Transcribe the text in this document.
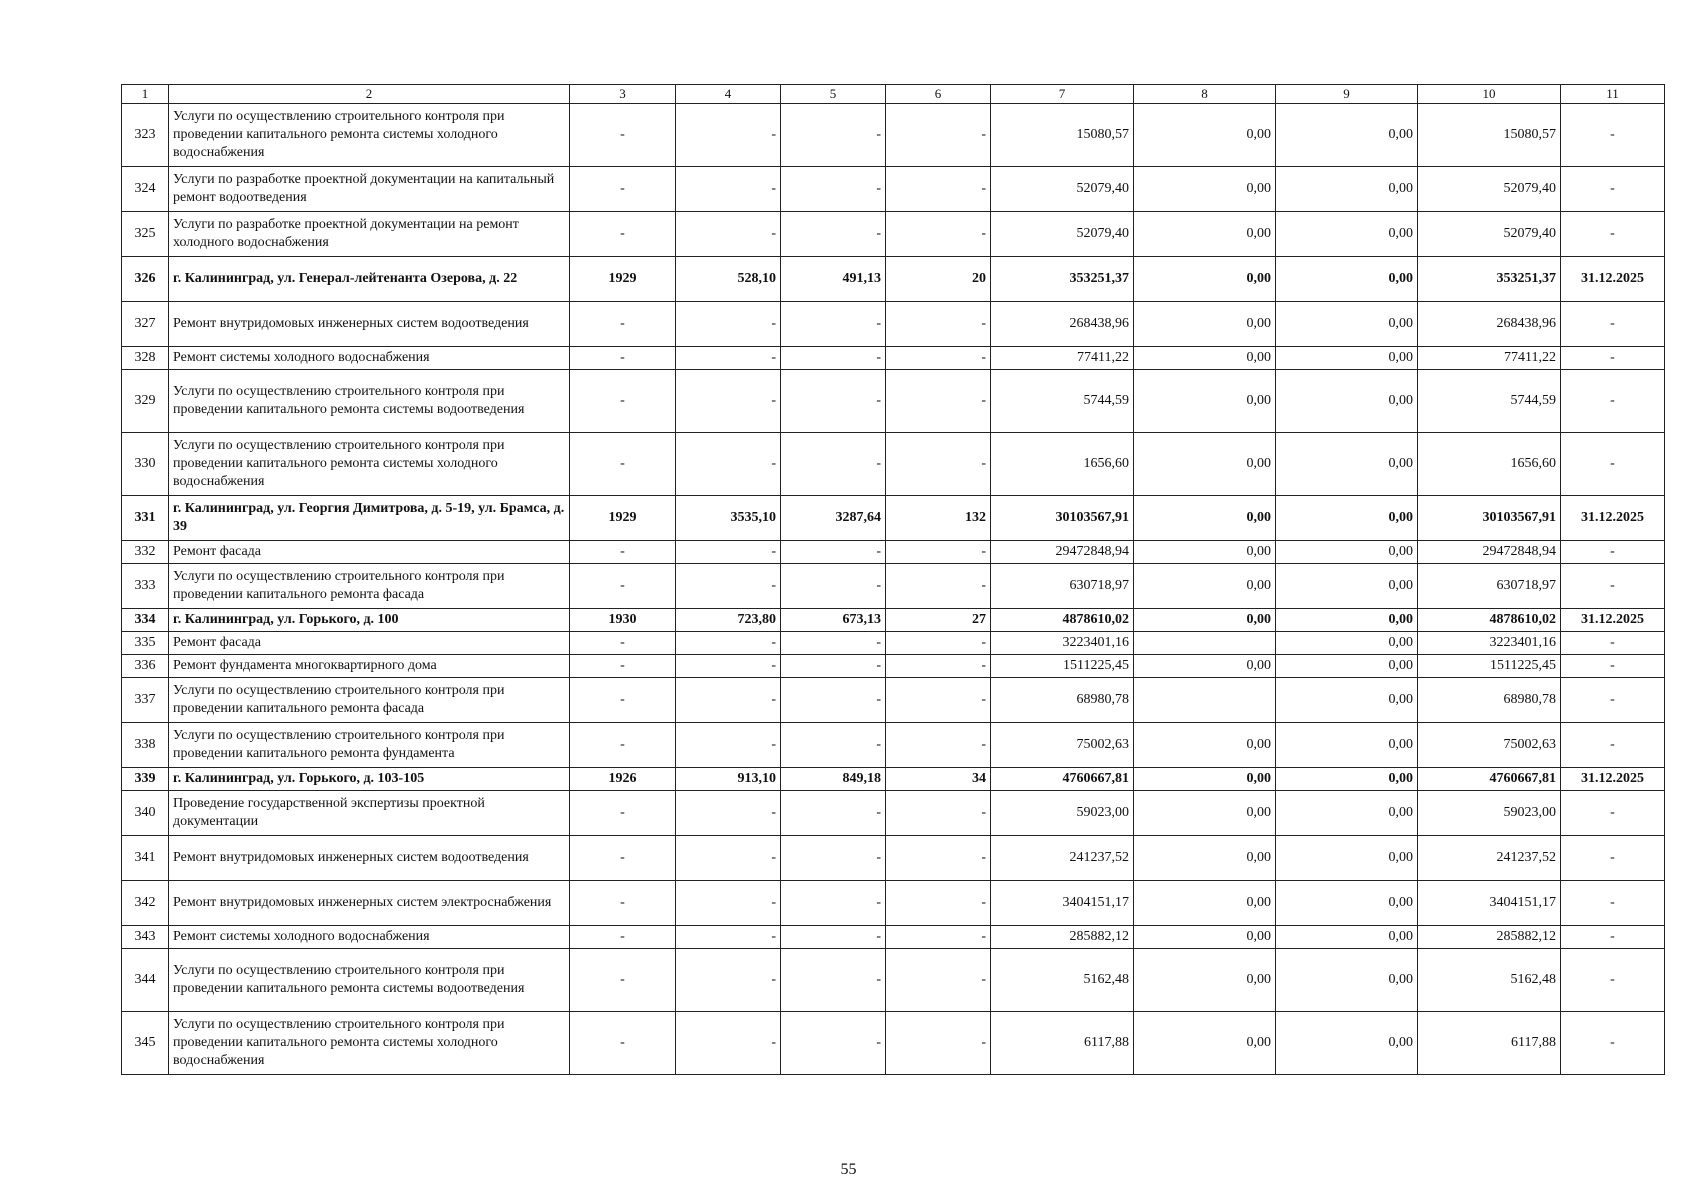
1	2	3	4	5	6	7	8	9	10	11
323	Услуги по осуществлению строительного контроля при проведении капитального ремонта системы холодного водоснабжения	-	-	-	-	15080,57	0,00	0,00	15080,57	-
324	Услуги по разработке проектной документации на капитальный ремонт водоотведения	-	-	-	-	52079,40	0,00	0,00	52079,40	-
325	Услуги по разработке проектной документации на ремонт холодного водоснабжения	-	-	-	-	52079,40	0,00	0,00	52079,40	-
326	г. Калининград, ул. Генерал-лейтенанта Озерова, д. 22	1929	528,10	491,13	20	353251,37	0,00	0,00	353251,37	31.12.2025
327	Ремонт внутридомовых инженерных систем водоотведения	-	-	-	-	268438,96	0,00	0,00	268438,96	-
328	Ремонт системы холодного водоснабжения	-	-	-	-	77411,22	0,00	0,00	77411,22	-
329	Услуги по осуществлению строительного контроля при проведении капитального ремонта системы водоотведения	-	-	-	-	5744,59	0,00	0,00	5744,59	-
330	Услуги по осуществлению строительного контроля при проведении капитального ремонта системы холодного водоснабжения	-	-	-	-	1656,60	0,00	0,00	1656,60	-
331	г. Калининград, ул. Георгия Димитрова, д. 5-19, ул. Брамса, д. 39	1929	3535,10	3287,64	132	30103567,91	0,00	0,00	30103567,91	31.12.2025
332	Ремонт фасада	-	-	-	-	29472848,94	0,00	0,00	29472848,94	-
333	Услуги по осуществлению строительного контроля при проведении капитального ремонта фасада	-	-	-	-	630718,97	0,00	0,00	630718,97	-
334	г. Калининград, ул. Горького, д. 100	1930	723,80	673,13	27	4878610,02	0,00	0,00	4878610,02	31.12.2025
335	Ремонт фасада	-	-	-	-	3223401,16		0,00	3223401,16	-
336	Ремонт фундамента многоквартирного дома	-	-	-	-	1511225,45	0,00	0,00	1511225,45	-
337	Услуги по осуществлению строительного контроля при проведении капитального ремонта фасада	-	-	-	-	68980,78		0,00	68980,78	-
338	Услуги по осуществлению строительного контроля при проведении капитального ремонта фундамента	-	-	-	-	75002,63	0,00	0,00	75002,63	-
339	г. Калининград, ул. Горького, д. 103-105	1926	913,10	849,18	34	4760667,81	0,00	0,00	4760667,81	31.12.2025
340	Проведение государственной экспертизы проектной документации	-	-	-	-	59023,00	0,00	0,00	59023,00	-
341	Ремонт внутридомовых инженерных систем водоотведения	-	-	-	-	241237,52	0,00	0,00	241237,52	-
342	Ремонт внутридомовых инженерных систем электроснабжения	-	-	-	-	3404151,17	0,00	0,00	3404151,17	-
343	Ремонт системы холодного водоснабжения	-	-	-	-	285882,12	0,00	0,00	285882,12	-
344	Услуги по осуществлению строительного контроля при проведении капитального ремонта системы водоотведения	-	-	-	-	5162,48	0,00	0,00	5162,48	-
345	Услуги по осуществлению строительного контроля при проведении капитального ремонта системы холодного водоснабжения	-	-	-	-	6117,88	0,00	0,00	6117,88	-
55
